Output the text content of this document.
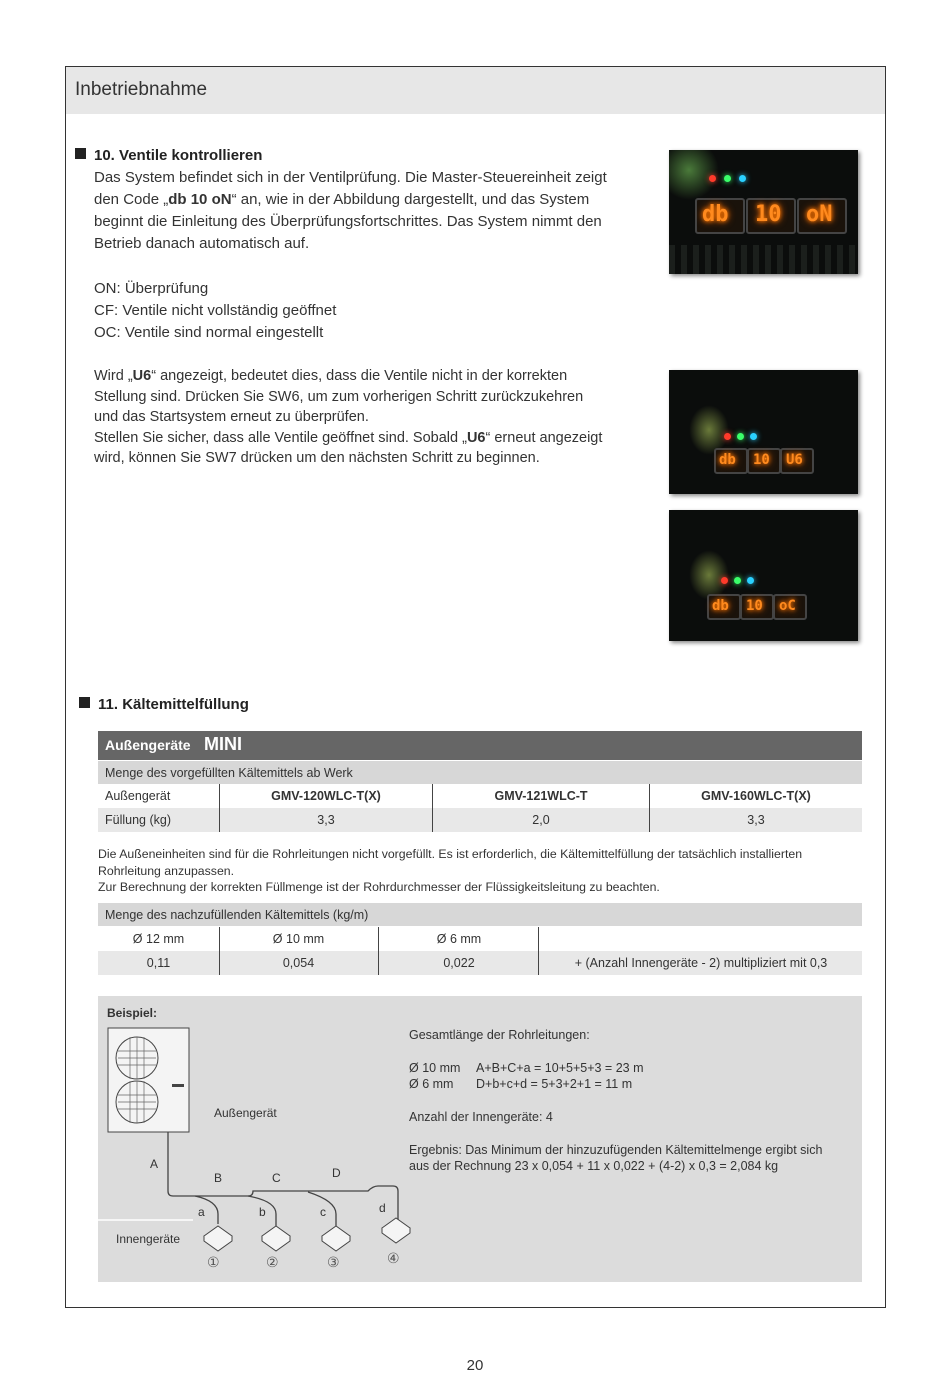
Inbetriebnahme
10. Ventile kontrollieren

Das System befindet sich in der Ventilprüfung. Die Master-Steuereinheit zeigt

den Code „db 10 oN“ an, wie in der Abbildung dargestellt, und das System

beginnt die Einleitung des Überprüfungsfortschrittes. Das System nimmt den

Betrieb danach automatisch auf.

ON: Überprüfung

CF: Ventile nicht vollständig geöffnet

OC: Ventile sind normal eingestellt

Wird „U6“ angezeigt, bedeutet dies, dass die Ventile nicht in der korrekten

Stellung sind. Drücken Sie SW6, um zum vorherigen Schritt zurückzukehren

und das Startsystem erneut zu überprüfen.

Stellen Sie sicher, dass alle Ventile geöffnet sind. Sobald „U6“ erneut angezeigt

wird, können Sie SW7 drücken um den nächsten Schritt zu beginnen.

db 10 oN
db 10 U6
db 10 oC
11. Kältemittelfüllung
Außengeräte MINI
Menge des vorgefüllten Kältemittels ab Werk
Außengerät	GMV-120WLC-T(X)	GMV-121WLC-T	GMV-160WLC-T(X)
Füllung (kg)	3,3	2,0	3,3

Die Außeneinheiten sind für die Rohrleitungen nicht vorgefüllt. Es ist erforderlich, die Kältemittelfüllung der tatsächlich installierten

Rohrleitung anzupassen.

Zur Berechnung der korrekten Füllmenge ist der Rohrdurchmesser der Flüssigkeitsleitung zu beachten.

Menge des nachzufüllenden Kältemittels (kg/m)
Ø 12 mm	Ø 10 mm	Ø 6 mm
0,11	0,054	0,022	+ (Anzahl Innengeräte - 2) multipliziert mit 0,3
Beispiel:
Außengerät
Innengeräte
A
B	C	D
a	b	c	d
①	②	③	④
Gesamtlänge der Rohrleitungen:
Ø 10 mm A+B+C+a = 10+5+5+3 = 23 m
Ø 6 mm D+b+c+d = 5+3+2+1 = 11 m
Anzahl der Innengeräte: 4
Ergebnis: Das Minimum der hinzuzufügenden Kältemittelmenge ergibt sich
aus der Rechnung 23 x 0,054 + 11 x 0,022 + (4-2) x 0,3 = 2,084 kg
20
